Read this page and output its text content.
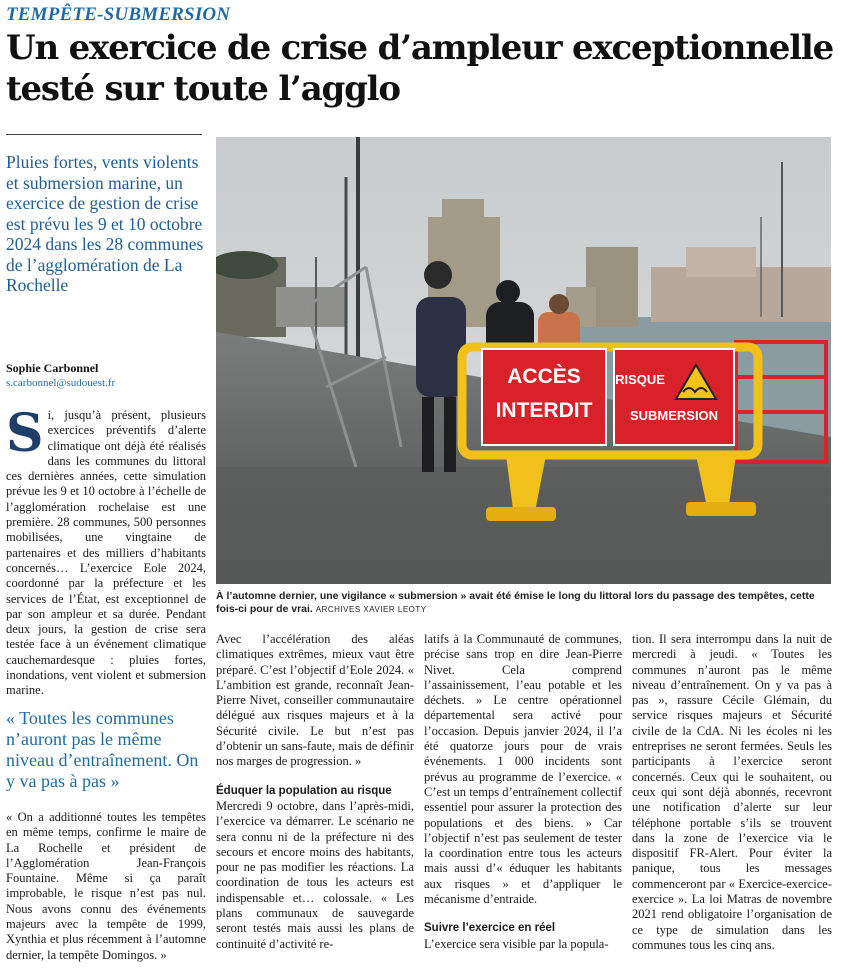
TEMPÊTE-SUBMERSION
Un exercice de crise d’ampleur exceptionnelle testé sur toute l’agglo
Pluies fortes, vents violents et submersion marine, un exercice de gestion de crise est prévu les 9 et 10 octobre 2024 dans les 28 communes de l’agglomération de La Rochelle
Sophie Carbonnel
s.carbonnel@sudouest.fr
S i, jusqu’à présent, plusieurs exercices préventifs d’alerte climatique ont déjà été réalisés dans les communes du littoral ces dernières années, cette simulation prévue les 9 et 10 octobre à l’échelle de l’agglomération rochelaise est une première. 28 communes, 500 personnes mobilisées, une vingtaine de partenaires et des milliers d’habitants concernés… L’exercice Eole 2024, coordonné par la préfecture et les services de l’État, est exceptionnel de par son ampleur et sa durée. Pendant deux jours, la gestion de crise sera testée face à un événement climatique cauchemardesque : pluies fortes, inondations, vent violent et submersion marine.
« Toutes les communes n’auront pas le même niveau d’entraînement. On y va pas à pas »

« On a additionné toutes les tempêtes en même temps, confirme le maire de La Rochelle et président de l’Agglomération Jean-François Fountaine. Même si ça paraît improbable, le risque n’est pas nul. Nous avons connu des événements majeurs avec la tempête de 1999, Xynthia et plus récemment à l’automne dernier, la tempête Domingos. »

ACCÈS
INTERDIT
RISQUE
SUBMERSION
À l’automne dernier, une vigilance « submersion » avait été émise le long du littoral lors du passage des tempêtes, cette fois-ci pour de vrai. ARCHIVES XAVIER LEOTY

Avec l’accélération des aléas climatiques extrêmes, mieux vaut être préparé. C’est l’objectif d’Eole 2024. « L’ambition est grande, reconnaît Jean-Pierre Nivet, conseiller communautaire délégué aux risques majeurs et à la Sécurité civile. Le but n’est pas d’obtenir un sans-faute, mais de définir nos marges de progression. »

Éduquer la population au risque

Mercredi 9 octobre, dans l’après-midi, l’exercice va démarrer. Le scénario ne sera connu ni de la préfecture ni des secours et encore moins des habitants, pour ne pas modifier les réactions. La coordination de tous les acteurs est indispensable et… colossale. « Les plans communaux de sauvegarde seront testés mais aussi les plans de continuité d’activité re-

latifs à la Communauté de communes, précise sans trop en dire Jean-Pierre Nivet. Cela comprend l’assainissement, l’eau potable et les déchets. » Le centre opérationnel départemental sera activé pour l’occasion. Depuis janvier 2024, il l’a été quatorze jours pour de vrais événements. 1 000 incidents sont prévus au programme de l’exercice. « C’est un temps d’entraînement collectif essentiel pour assurer la protection des populations et des biens. » Car l’objectif n’est pas seulement de tester la coordination entre tous les acteurs mais aussi d’« éduquer les habitants aux risques » et d’appliquer le mécanisme d’entraide.

Suivre l’exercice en réel

L’exercice sera visible par la popula-

tion. Il sera interrompu dans la nuit de mercredi à jeudi. « Toutes les communes n’auront pas le même niveau d’entraînement. On y va pas à pas », rassure Cécile Glémain, du service risques majeurs et Sécurité civile de la CdA. Ni les écoles ni les entreprises ne seront fermées. Seuls les participants à l’exercice seront concernés. Ceux qui le souhaitent, ou ceux qui sont déjà abonnés, recevront une notification d’alerte sur leur téléphone portable s’ils se trouvent dans la zone de l’exercice via le dispositif FR-Alert. Pour éviter la panique, tous les messages commenceront par « Exercice-exercice-exercice ». La loi Matras de novembre 2021 rend obligatoire l’organisation de ce type de simulation dans les communes tous les cinq ans.
